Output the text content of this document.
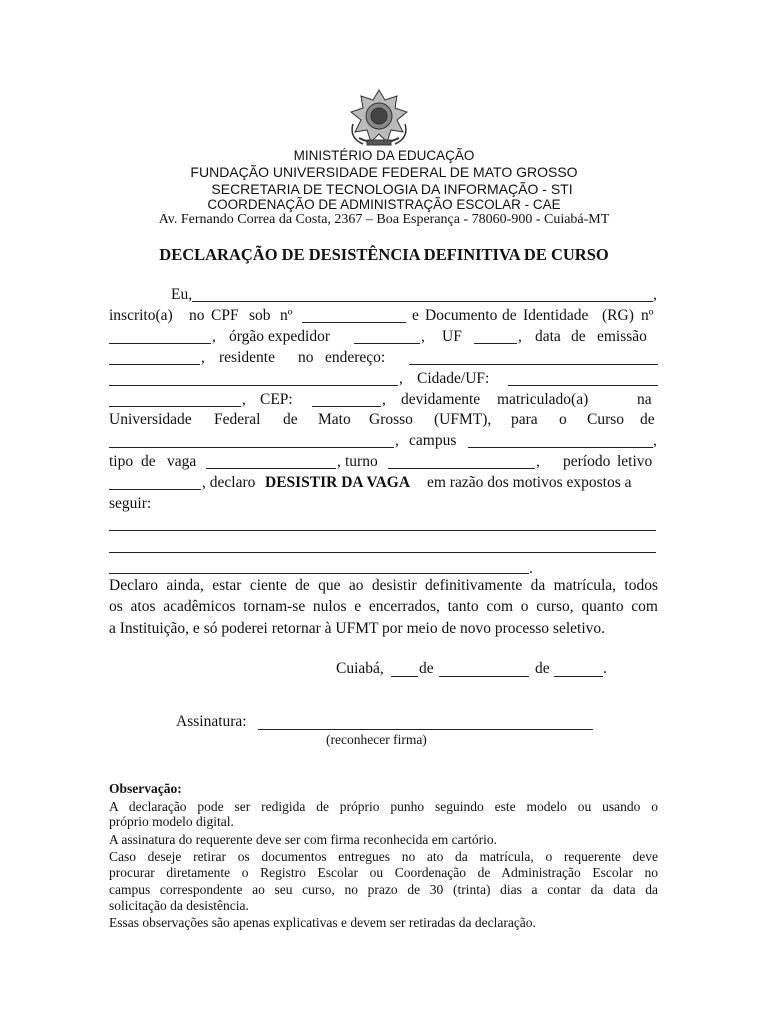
MINISTÉRIO DA EDUCAÇÃO
FUNDAÇÃO UNIVERSIDADE FEDERAL DE MATO GROSSO
SECRETARIA DE TECNOLOGIA DA INFORMAÇÃO - STI
COORDENAÇÃO DE ADMINISTRAÇÃO ESCOLAR - CAE
Av. Fernando Correa da Costa, 2367 – Boa Esperança - 78060-900 - Cuiabá-MT
DECLARAÇÃO DE DESISTÊNCIA DEFINITIVA DE CURSO
Eu,	,
inscrito(a) no CPF sob nº	e Documento de Identidade (RG) nº
, órgão expedidor	, UF	, data de emissão
, residente no endereço:
, Cidade/UF:
, CEP:	, devidamente matriculado(a)	na
Universidade Federal de Mato Grosso (UFMT), para o Curso de
, campus	,
tipo de vaga	, turno	, período letivo
, declaro DESISTIR DA VAGA em razão dos motivos expostos a
seguir:
.
Declaro ainda, estar ciente de que ao desistir definitivamente da matrícula, todos
os atos acadêmicos tornam-se nulos e encerrados, tanto com o curso, quanto com
a Instituição, e só poderei retornar à UFMT por meio de novo processo seletivo.
Cuiabá, de	de	.
Assinatura:
(reconhecer firma)
Observação:
A declaração pode ser redigida de próprio punho seguindo este modelo ou usando o
próprio modelo digital.
A assinatura do requerente deve ser com firma reconhecida em cartório.
Caso deseje retirar os documentos entregues no ato da matrícula, o requerente deve
procurar diretamente o Registro Escolar ou Coordenação de Administração Escolar no
campus correspondente ao seu curso, no prazo de 30 (trinta) dias a contar da data da
solicitação da desistência.
Essas observações são apenas explicativas e devem ser retiradas da declaração.
